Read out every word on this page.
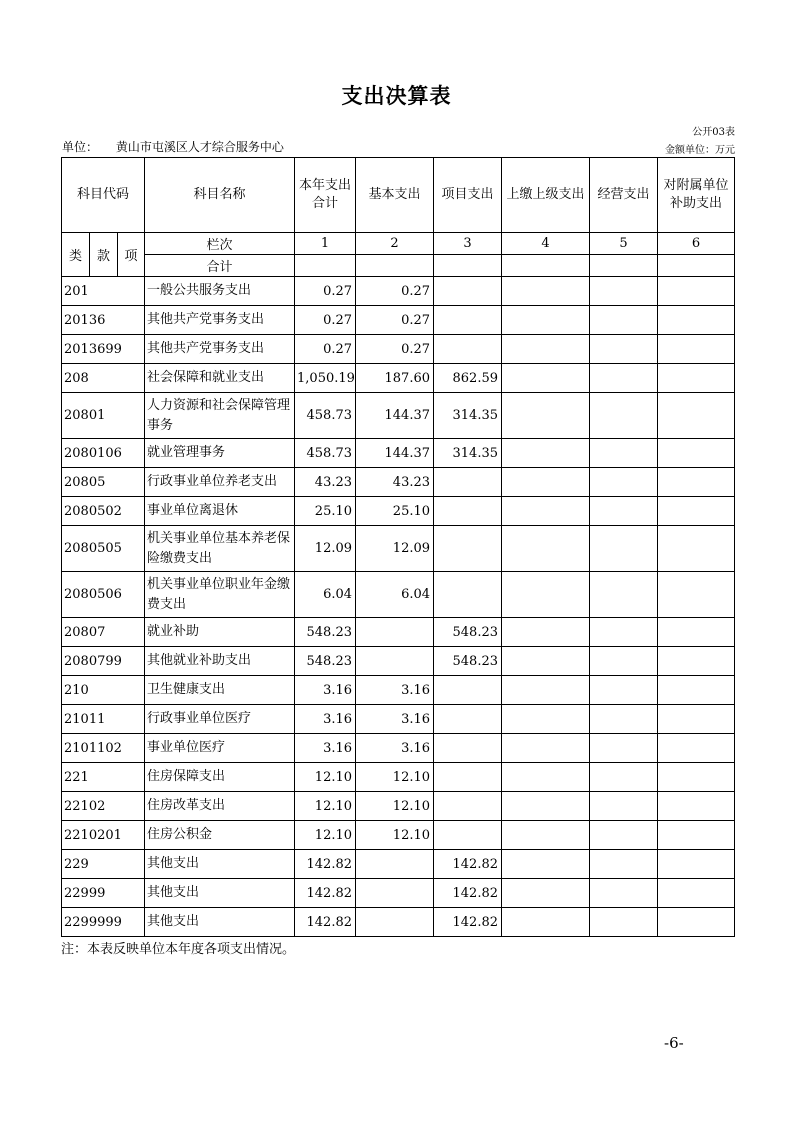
支出决算表
公开03表
单位： 黄山市屯溪区人才综合服务中心	金额单位：万元
科目代码			科目名称	本年支出合计	基本支出	项目支出	上缴上级支出	经营支出	对附属单位补助支出
类	款	项	栏次	1	2	3	4	5	6
			合计						
201			一般公共服务支出	0.27	0.27				
20136			其他共产党事务支出	0.27	0.27				
2013699			其他共产党事务支出	0.27	0.27				
208			社会保障和就业支出	1,050.19	187.60	862.59			
20801			人力资源和社会保障管理事务	458.73	144.37	314.35			
2080106			就业管理事务	458.73	144.37	314.35			
20805			行政事业单位养老支出	43.23	43.23				
2080502			事业单位离退休	25.10	25.10				
2080505			机关事业单位基本养老保险缴费支出	12.09	12.09				
2080506			机关事业单位职业年金缴费支出	6.04	6.04				
20807			就业补助	548.23		548.23			
2080799			其他就业补助支出	548.23		548.23			
210			卫生健康支出	3.16	3.16				
21011			行政事业单位医疗	3.16	3.16				
2101102			事业单位医疗	3.16	3.16				
221			住房保障支出	12.10	12.10				
22102			住房改革支出	12.10	12.10				
2210201			住房公积金	12.10	12.10				
229			其他支出	142.82		142.82			
22999			其他支出	142.82		142.82			
2299999			其他支出	142.82		142.82			
注：本表反映单位本年度各项支出情况。
-6-
